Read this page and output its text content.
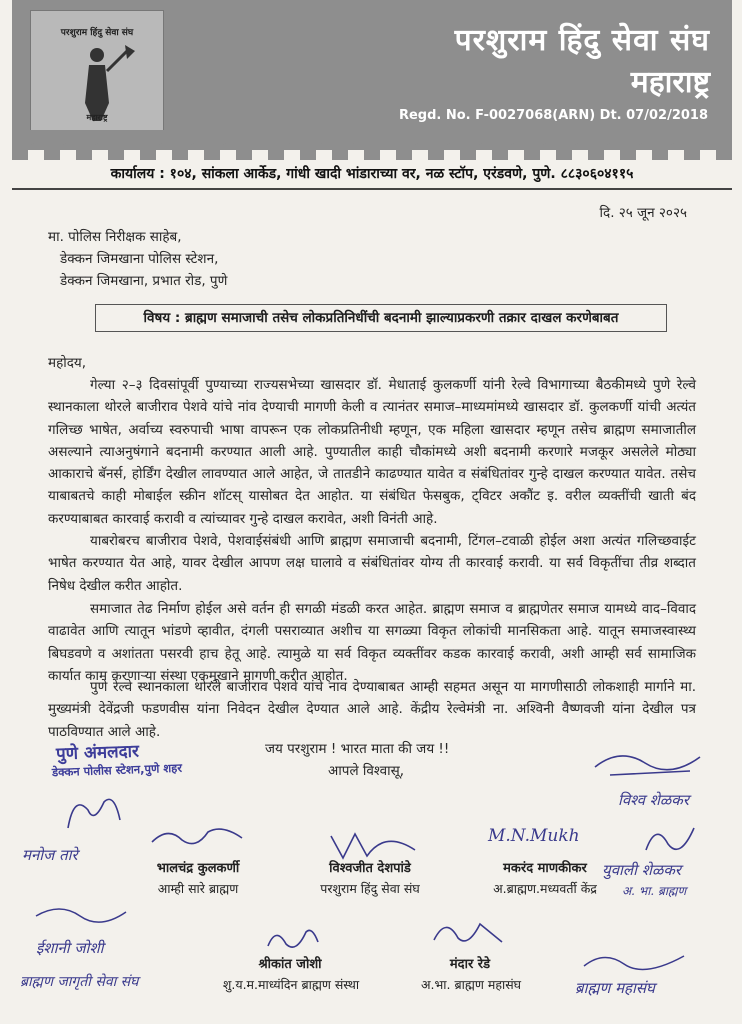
परशुराम हिंदु सेवा संघ
महाराष्ट्र
परशुराम हिंदु सेवा संघ
महाराष्ट्र
Regd. No. F-0027068(ARN) Dt. 07/02/2018
कार्यालय : १०४, सांकला आर्केड, गांधी खादी भांडाराच्या वर, नळ स्टॉप, एरंडवणे, पुणे. ८८३०६०४११५
दि. २५ जून २०२५
मा. पोलिस निरीक्षक साहेब,
डेक्कन जिमखाना पोलिस स्टेशन,
डेक्कन जिमखाना, प्रभात रोड, पुणे
विषय : ब्राह्मण समाजाची तसेच लोकप्रतिनिधींची बदनामी झाल्याप्रकरणी तक्रार दाखल करणेबाबत
महोदय,
गेल्या २–३ दिवसांपूर्वी पुण्याच्या राज्यसभेच्या खासदार डॉ. मेधाताई कुलकर्णी यांनी रेल्वे विभागाच्या बैठकीमध्ये पुणे रेल्वे स्थानकाला थोरले बाजीराव पेशवे यांचे नांव देण्याची मागणी केली व त्यानंतर समाज–माध्यमांमध्ये खासदार डॉ. कुलकर्णी यांची अत्यंत गलिच्छ भाषेत, अर्वाच्य स्वरुपाची भाषा वापरून एक लोकप्रतिनीधी म्हणून, एक महिला खासदार म्हणून तसेच ब्राह्मण समाजातील असल्याने त्याअनुषंगाने बदनामी करण्यात आली आहे. पुण्यातील काही चौकांमध्ये अशी बदनामी करणारे मजकूर असलेले मोठ्या आकाराचे बॅनर्स, होर्डिंग देखील लावण्यात आले आहेत, जे तातडीने काढण्यात यावेत व संबंधितांवर गुन्हे दाखल करण्यात यावेत. तसेच याबाबतचे काही मोबाईल स्क्रीन शॉटस् यासोबत देत आहोत. या संबंधित फेसबुक, ट्विटर अकौंट इ. वरील व्यक्तींची खाती बंद करण्याबाबत कारवाई करावी व त्यांच्यावर गुन्हे दाखल करावेत, अशी विनंती आहे.
याबरोबरच बाजीराव पेशवे, पेशवाईसंबंधी आणि ब्राह्मण समाजाची बदनामी, टिंगल–टवाळी होईल अशा अत्यंत गलिच्छवाईट भाषेत करण्यात येत आहे, यावर देखील आपण लक्ष घालावे व संबंधितांवर योग्य ती कारवाई करावी. या सर्व विकृतींचा तीव्र शब्दात निषेध देखील करीत आहोत.
समाजात तेढ निर्माण होईल असे वर्तन ही सगळी मंडळी करत आहेत. ब्राह्मण समाज व ब्राह्मणेतर समाज यामध्ये वाद–विवाद वाढावेत आणि त्यातून भांडणे व्हावीत, दंगली पसराव्यात अशीच या सगळ्या विकृत लोकांची मानसिकता आहे. यातून समाजस्वास्थ्य बिघडवणे व अशांतता पसरवी हाच हेतू आहे. त्यामुळे या सर्व विकृत व्यक्तींवर कडक कारवाई करावी, अशी आम्ही सर्व सामाजिक कार्यात काम करणाऱ्या संस्था एकमुखाने मागणी करीत आहोत.
पुणे रेल्वे स्थानकाला थोरले बाजीराव पेशवे यांचे नाव देण्याबाबत आम्ही सहमत असून या मागणीसाठी लोकशाही मार्गाने मा. मुख्यमंत्री देवेंद्रजी फडणवीस यांना निवेदन देखील देण्यात आले आहे. केंद्रीय रेल्वेमंत्री ना. अश्विनी वैष्णवजी यांना देखील पत्र पाठविण्यात आले आहे.
पुणे अंमलदार
डेक्कन पोलीस स्टेशन,पुणे शहर
जय परशुराम ! भारत माता की जय !!
आपले विश्वासू,
विश्व शेळकर
मनोज तारे
भालचंद्र कुलकर्णी
आम्ही सारे ब्राह्मण
विश्वजीत देशपांडे
परशुराम हिंदु सेवा संघ
M.N.Mukh
मकरंद माणकीकर
अ.ब्राह्मण.मध्यवर्ती केंद्र
युवाली शेळकर
अ. भा. ब्राह्मण
ईशानी जोशी
ब्राह्मण जागृती सेवा संघ
श्रीकांत जोशी
शु.य.म.माध्यंदिन ब्राह्मण संस्था
मंदार रेडे
अ.भा. ब्राह्मण महासंघ	ब्राह्मण महासंघ
